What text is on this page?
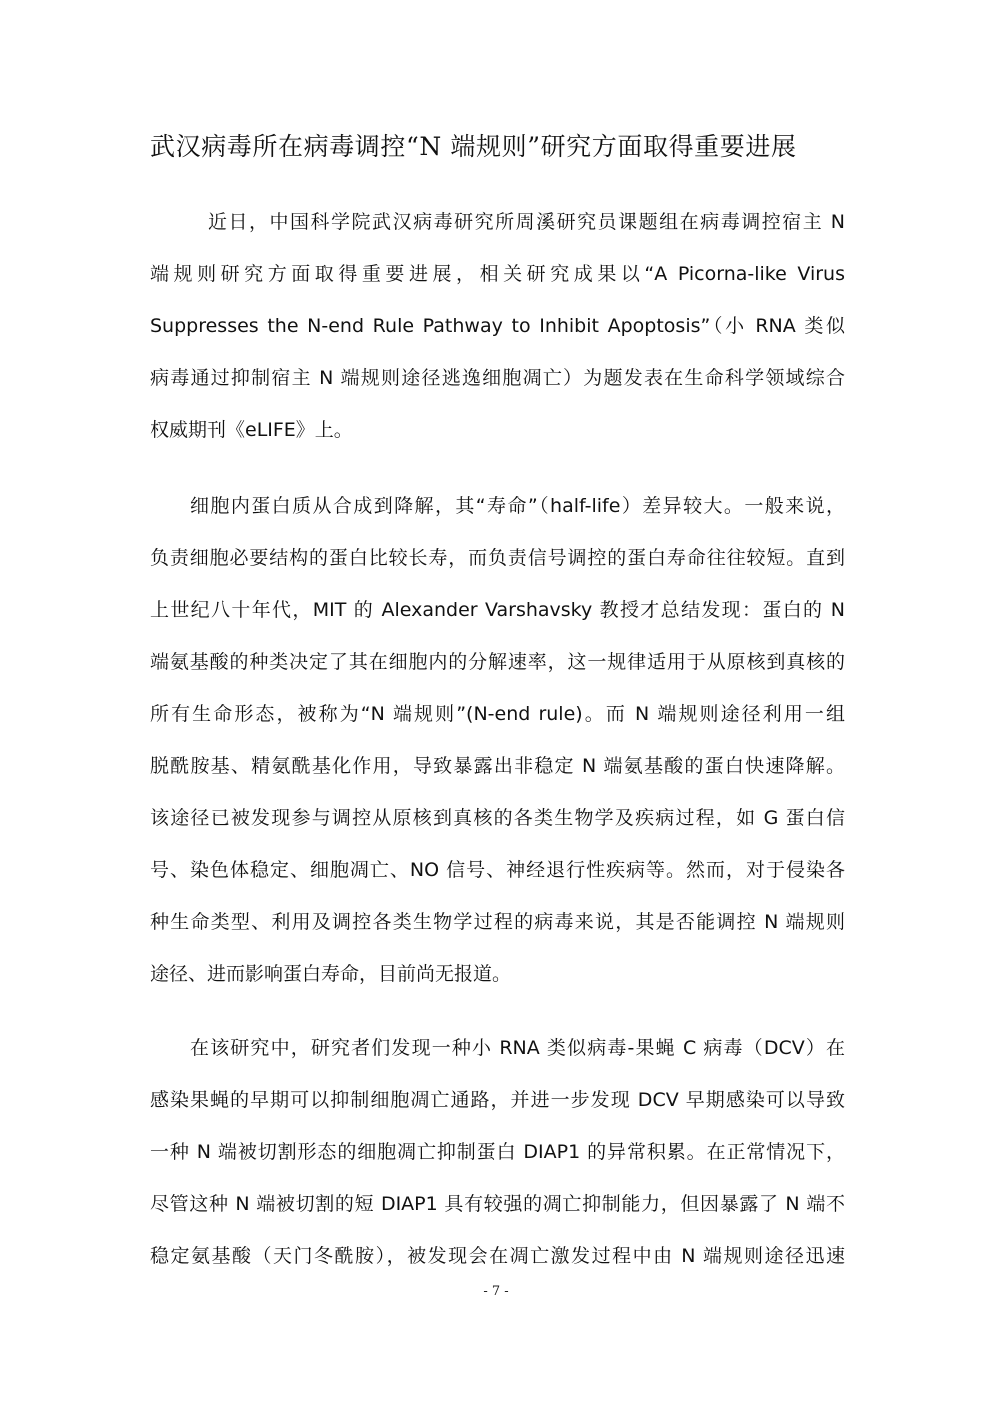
武汉病毒所在病毒调控“N 端规则”研究方面取得重要进展
近日，中国科学院武汉病毒研究所周溪研究员课题组在病毒调控宿主 N
端规则研究方面取得重要进展，相关研究成果以“A Picorna-like Virus
Suppresses the N-end Rule Pathway to Inhibit Apoptosis”（小 RNA 类似
病毒通过抑制宿主 N 端规则途径逃逸细胞凋亡）为题发表在生命科学领域综合
权威期刊《eLIFE》上。
细胞内蛋白质从合成到降解，其“寿命”（half-life）差异较大。一般来说，
负责细胞必要结构的蛋白比较长寿，而负责信号调控的蛋白寿命往往较短。直到
上世纪八十年代，MIT 的 Alexander Varshavsky 教授才总结发现：蛋白的 N
端氨基酸的种类决定了其在细胞内的分解速率，这一规律适用于从原核到真核的
所有生命形态，被称为“N 端规则”(N-end rule)。而 N 端规则途径利用一组
脱酰胺基、精氨酰基化作用，导致暴露出非稳定 N 端氨基酸的蛋白快速降解。
该途径已被发现参与调控从原核到真核的各类生物学及疾病过程，如 G 蛋白信
号、染色体稳定、细胞凋亡、NO 信号、神经退行性疾病等。然而，对于侵染各
种生命类型、利用及调控各类生物学过程的病毒来说，其是否能调控 N 端规则
途径、进而影响蛋白寿命，目前尚无报道。
在该研究中，研究者们发现一种小 RNA 类似病毒-果蝇 C 病毒（DCV）在
感染果蝇的早期可以抑制细胞凋亡通路，并进一步发现 DCV 早期感染可以导致
一种 N 端被切割形态的细胞凋亡抑制蛋白 DIAP1 的异常积累。在正常情况下，
尽管这种 N 端被切割的短 DIAP1 具有较强的凋亡抑制能力，但因暴露了 N 端不
稳定氨基酸（天门冬酰胺），被发现会在凋亡激发过程中由 N 端规则途径迅速
- 7 -
